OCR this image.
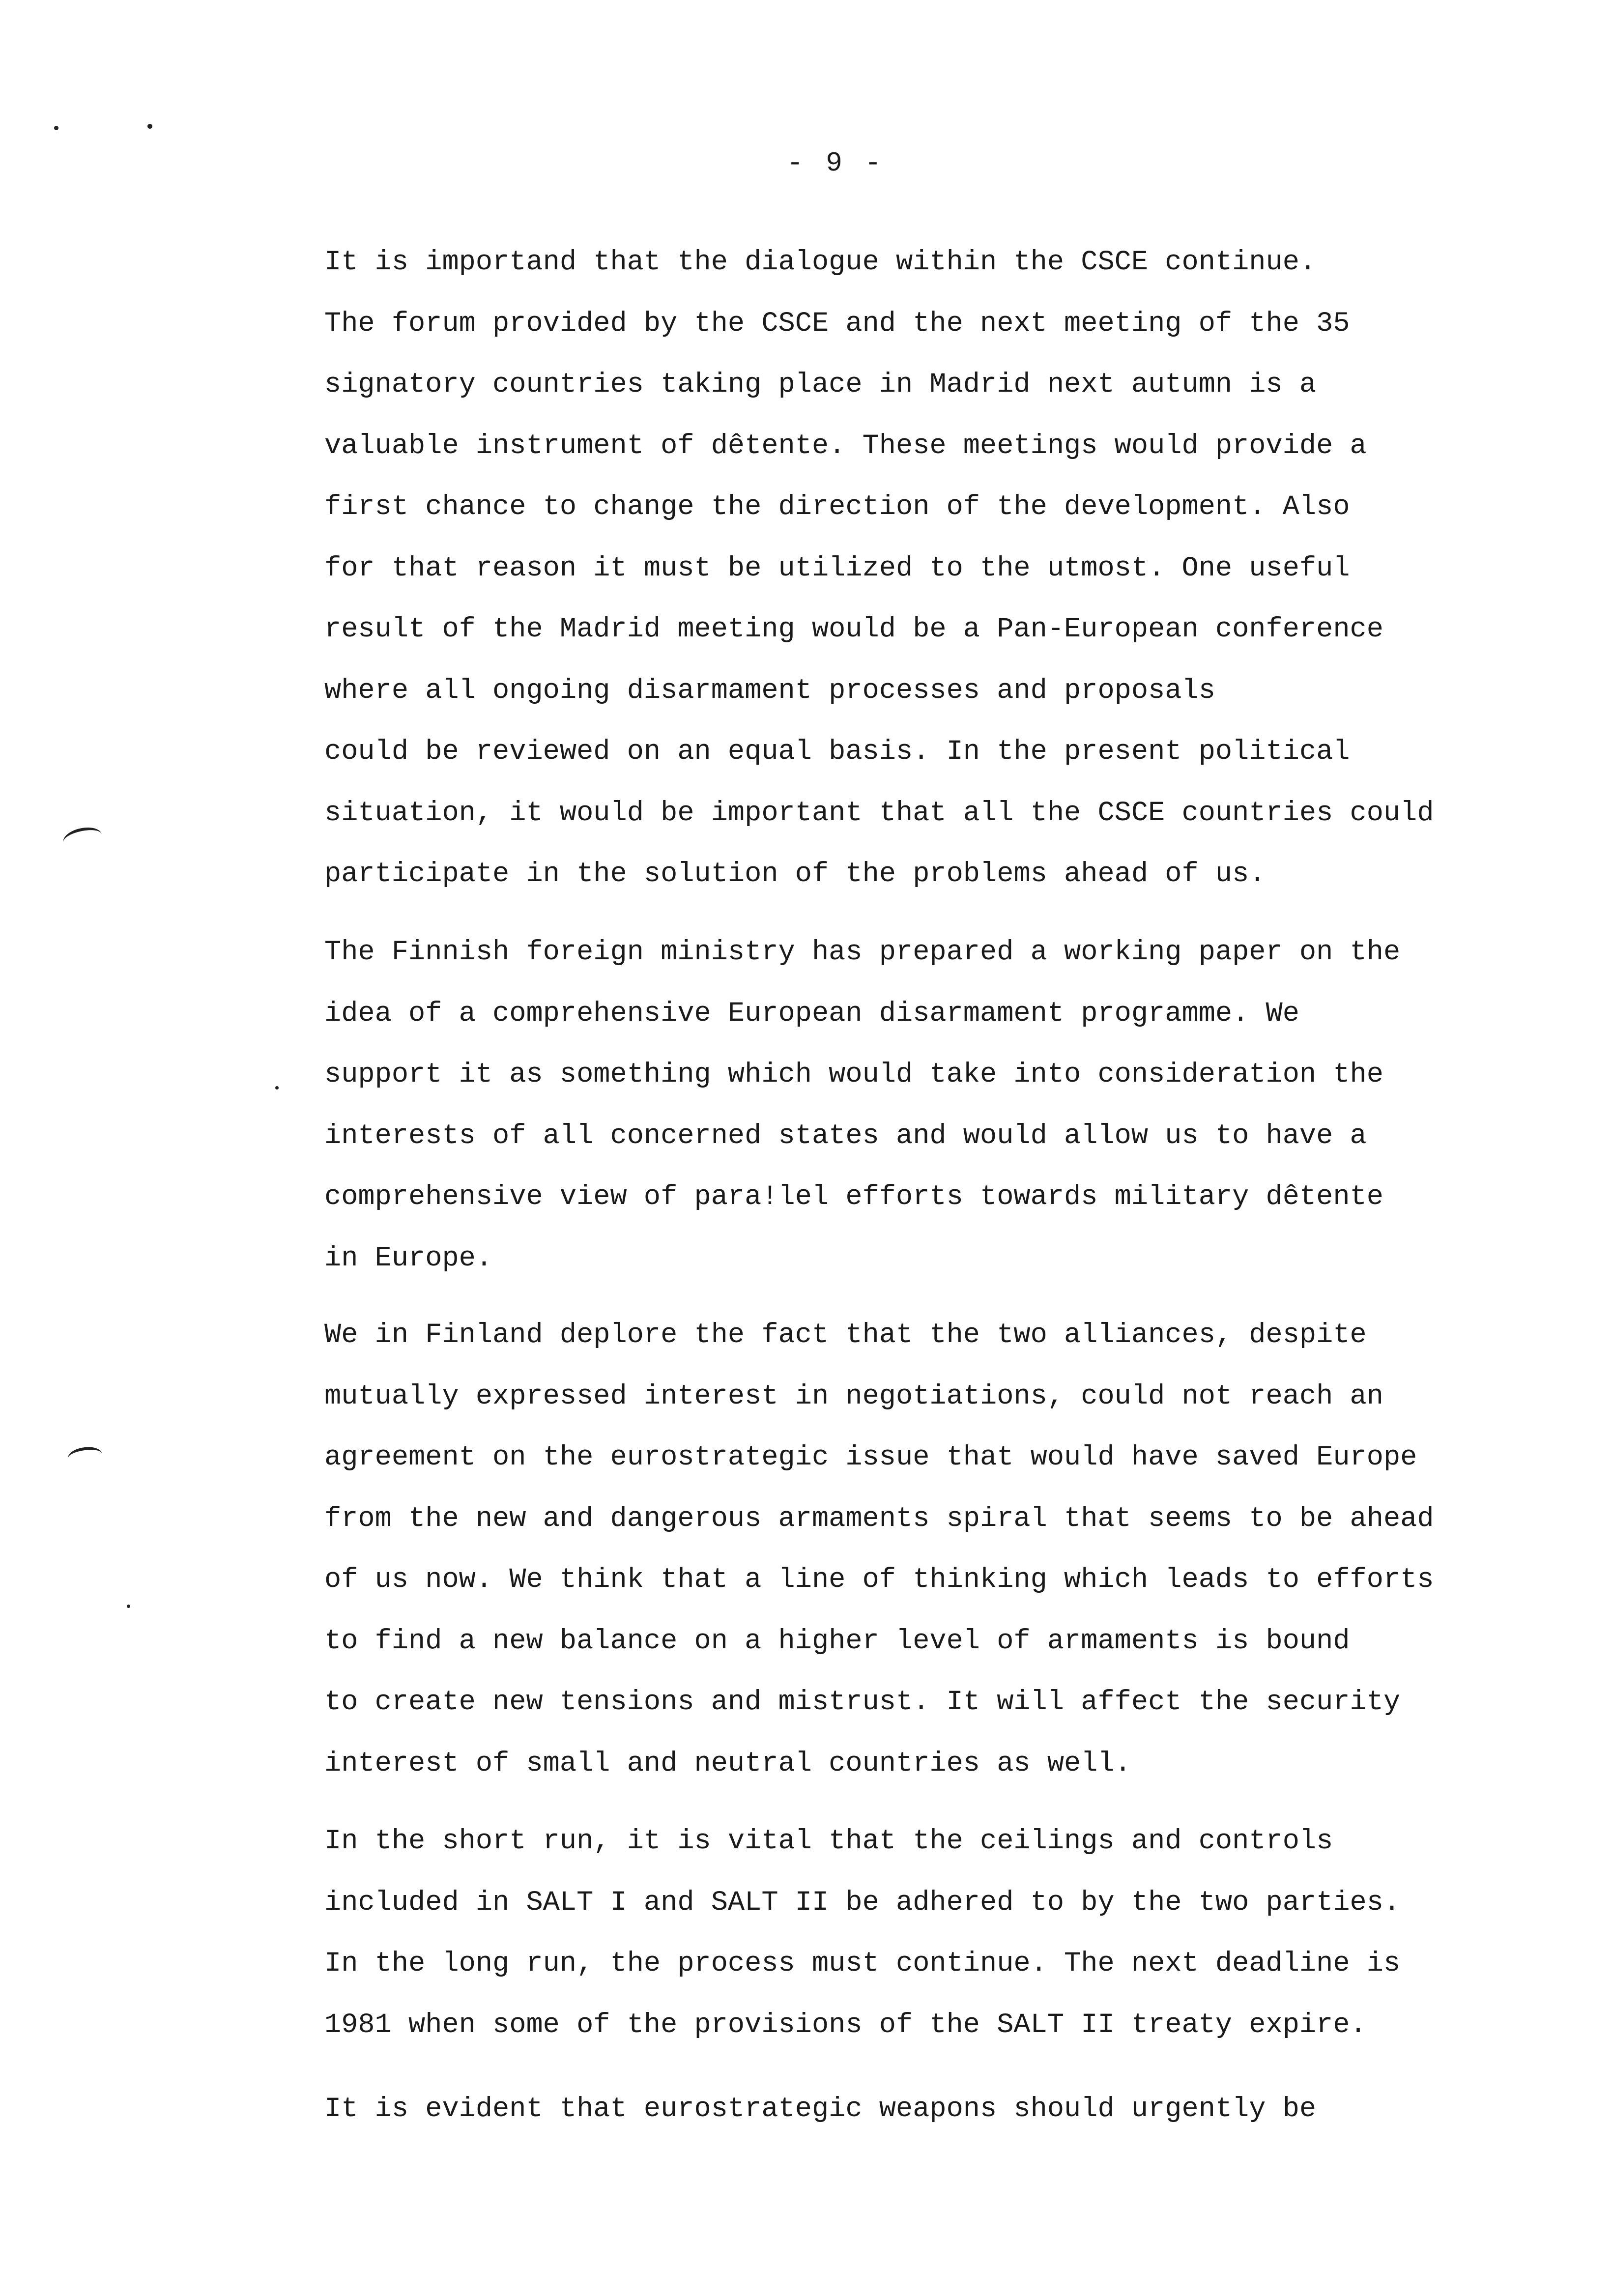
- 9 -
It is importand that the dialogue within the CSCE continue.
The forum provided by the CSCE and the next meeting of the 35
signatory countries taking place in Madrid next autumn is a
valuable instrument of dêtente. These meetings would provide a
first chance to change the direction of the development. Also
for that reason it must be utilized to the utmost. One useful
result of the Madrid meeting would be a Pan-European conference
where all ongoing disarmament processes and proposals
could be reviewed on an equal basis. In the present political
situation, it would be important that all the CSCE countries could
participate in the solution of the problems ahead of us.
The Finnish foreign ministry has prepared a working paper on the
idea of a comprehensive European disarmament programme. We
support it as something which would take into consideration the
interests of all concerned states and would allow us to have a
comprehensive view of para!lel efforts towards military dêtente
in Europe.
We in Finland deplore the fact that the two alliances, despite
mutually expressed interest in negotiations, could not reach an
agreement on the eurostrategic issue that would have saved Europe
from the new and dangerous armaments spiral that seems to be ahead
of us now. We think that a line of thinking which leads to efforts
to find a new balance on a higher level of armaments is bound
to create new tensions and mistrust. It will affect the security
interest of small and neutral countries as well.
In the short run, it is vital that the ceilings and controls
included in SALT I and SALT II be adhered to by the two parties.
In the long run, the process must continue. The next deadline is
1981 when some of the provisions of the SALT II treaty expire.
It is evident that eurostrategic weapons should urgently be
